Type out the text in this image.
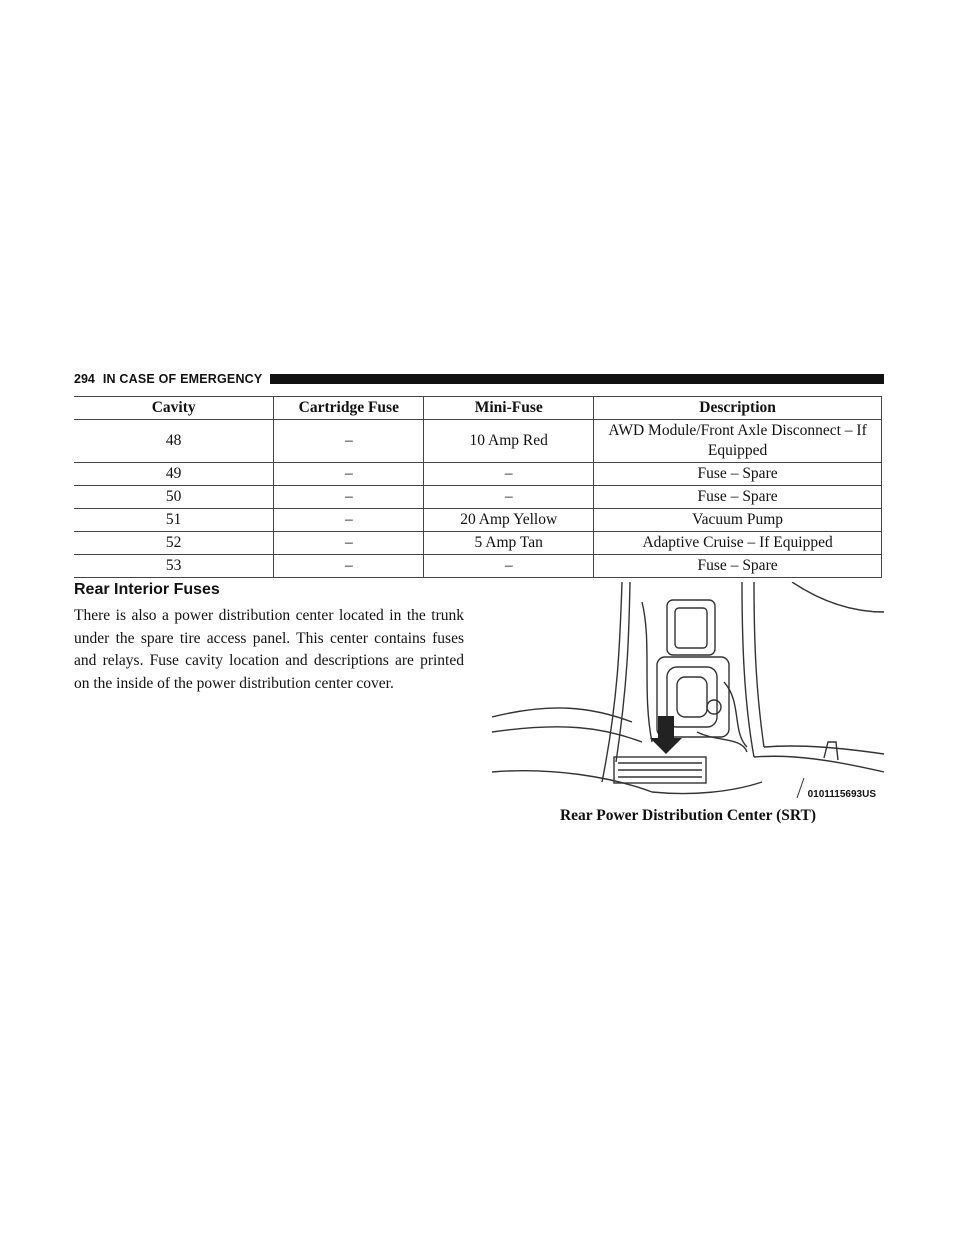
294 IN CASE OF EMERGENCY
Cavity	Cartridge Fuse	Mini-Fuse	Description
48	–	10 Amp Red	AWD Module/Front Axle Disconnect – If Equipped
49	–	–	Fuse – Spare
50	–	–	Fuse – Spare
51	–	20 Amp Yellow	Vacuum Pump
52	–	5 Amp Tan	Adaptive Cruise – If Equipped
53	–	–	Fuse – Spare
Rear Interior Fuses

There is also a power distribution center located in the trunk under the spare tire access panel. This center contains fuses and relays. Fuse cavity location and descriptions are printed on the inside of the power distribution center cover.

0101115693US
Rear Power Distribution Center (SRT)
